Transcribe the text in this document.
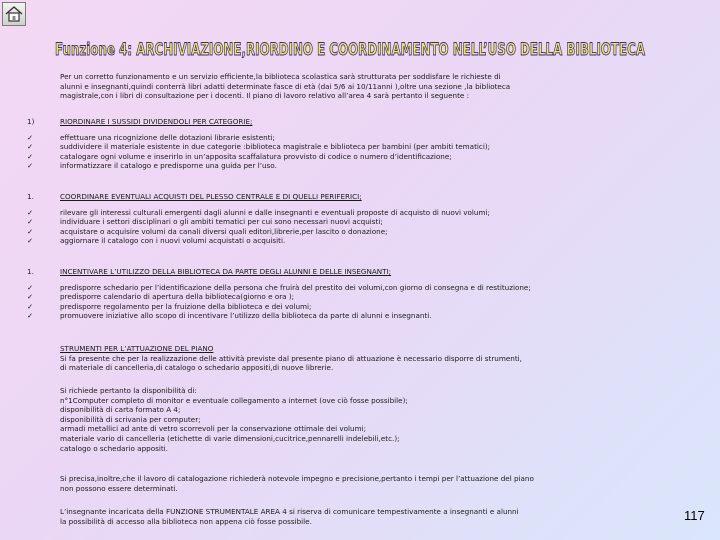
Funzione 4: ARCHIVIAZIONE,RIORDINO E COORDINAMENTO NELL’USO DELLA BIBLIOTECA
Per un corretto funzionamento e un servizio efficiente,la biblioteca scolastica sarà strutturata per soddisfare le richieste di
alunni e insegnanti,quindi conterrà libri adatti determinate fasce di età (dai 5/6 ai 10/11anni ),oltre una sezione ,la biblioteca
magistrale,con i libri di consultazione per i docenti. Il piano di lavoro relativo all’area 4 sarà pertanto il seguente :
1)	RIORDINARE I SUSSIDI DIVIDENDOLI PER CATEGORIE;
✓	effettuare una ricognizione delle dotazioni librarie esistenti;
✓	suddividere il materiale esistente in due categorie :biblioteca magistrale e biblioteca per bambini (per ambiti tematici);
✓	catalogare ogni volume e inserirlo in un’apposita scaffalatura provvisto di codice o numero d’identificazione;
✓	informatizzare il catalogo e predisporne una guida per l’uso.
1.	COORDINARE EVENTUALI ACQUISTI DEL PLESSO CENTRALE E DI QUELLI PERIFERICI;
✓	rilevare gli interessi culturali emergenti dagli alunni e dalle insegnanti e eventuali proposte di acquisto di nuovi volumi;
✓	individuare i settori disciplinari o gli ambiti tematici per cui sono necessari nuovi acquisti;
✓	acquistare o acquisire volumi da canali diversi quali editori,librerie,per lascito o donazione;
✓	aggiornare il catalogo con i nuovi volumi acquistati o acquisiti.
1.	INCENTIVARE L’UTILIZZO DELLA BIBLIOTECA DA PARTE DEGLI ALUNNI E DELLE INSEGNANTI;
✓	predisporre schedario per l’identificazione della persona che fruirà del prestito dei volumi,con giorno di consegna e di restituzione;
✓	predisporre calendario di apertura della biblioteca(giorno e ora );
✓	predisporre regolamento per la fruizione della biblioteca e dei volumi;
✓	promuovere iniziative allo scopo di incentivare l’utilizzo della biblioteca da parte di alunni e insegnanti.
STRUMENTI PER L’ATTUAZIONE DEL PIANO
Si fa presente che per la realizzazione delle attività previste dal presente piano di attuazione è necessario disporre di strumenti,
di materiale di cancelleria,di catalogo o schedario appositi,di nuove librerie.
Si richiede pertanto la disponibilità di:
n°1Computer completo di monitor e eventuale collegamento a internet (ove ciò fosse possibile);
disponibilità di carta formato A 4;
disponibilità di scrivania per computer;
armadi metallici ad ante di vetro scorrevoli per la conservazione ottimale dei volumi;
materiale vario di cancelleria (etichette di varie dimensioni,cucitrice,pennarelli indelebili,etc.);
catalogo o schedario appositi.
Si precisa,inoltre,che il lavoro di catalogazione richiederà notevole impegno e precisione,pertanto i tempi per l’attuazione del piano
non possono essere determinati.
L’insegnante incaricata della FUNZIONE STRUMENTALE AREA 4 si riserva di comunicare tempestivamente a insegnanti e alunni
la possibilità di accesso alla biblioteca non appena ciò fosse possibile.	117
